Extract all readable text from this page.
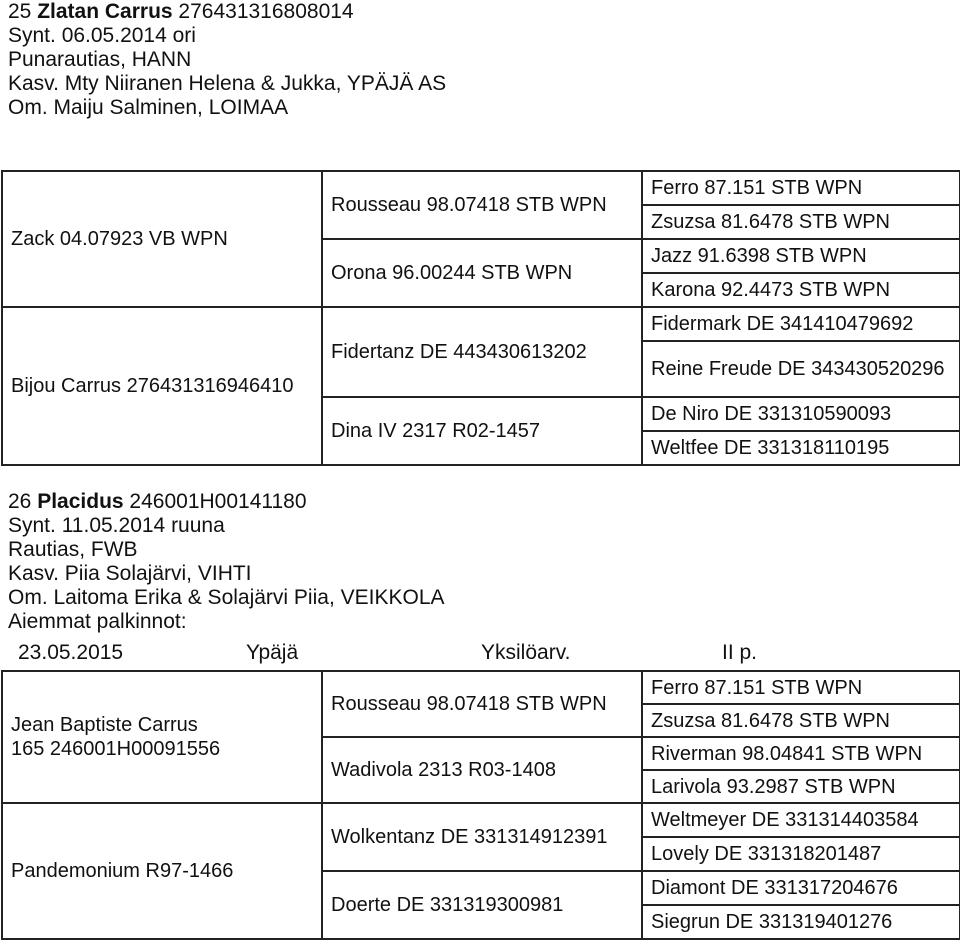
25 Zlatan Carrus 276431316808014
Synt. 06.05.2014 ori
Punarautias, HANN
Kasv. Mty Niiranen Helena & Jukka, YPÄJÄ AS
Om. Maiju Salminen, LOIMAA
Zack 04.07923 VB WPN	Rousseau 98.07418 STB WPN	Ferro 87.151 STB WPN
		Zsuzsa 81.6478 STB WPN
	Orona 96.00244 STB WPN	Jazz 91.6398 STB WPN
		Karona 92.4473 STB WPN
Bijou Carrus 276431316946410	Fidertanz DE 443430613202	Fidermark DE 341410479692
		Reine Freude DE 343430520296
	Dina IV 2317 R02-1457	De Niro DE 331310590093
		Weltfee DE 331318110195
26 Placidus 246001H00141180
Synt. 11.05.2014 ruuna
Rautias, FWB
Kasv. Piia Solajärvi, VIHTI
Om. Laitoma Erika & Solajärvi Piia, VEIKKOLA
Aiemmat palkinnot:
23.05.2015	Ypäjä	Yksilöarv.	II p.
Jean Baptiste Carrus
165 246001H00091556	Rousseau 98.07418 STB WPN	Ferro 87.151 STB WPN
		Zsuzsa 81.6478 STB WPN
	Wadivola 2313 R03-1408	Riverman 98.04841 STB WPN
		Larivola 93.2987 STB WPN
Pandemonium R97-1466	Wolkentanz DE 331314912391	Weltmeyer DE 331314403584
		Lovely DE 331318201487
	Doerte DE 331319300981	Diamont DE 331317204676
		Siegrun DE 331319401276
